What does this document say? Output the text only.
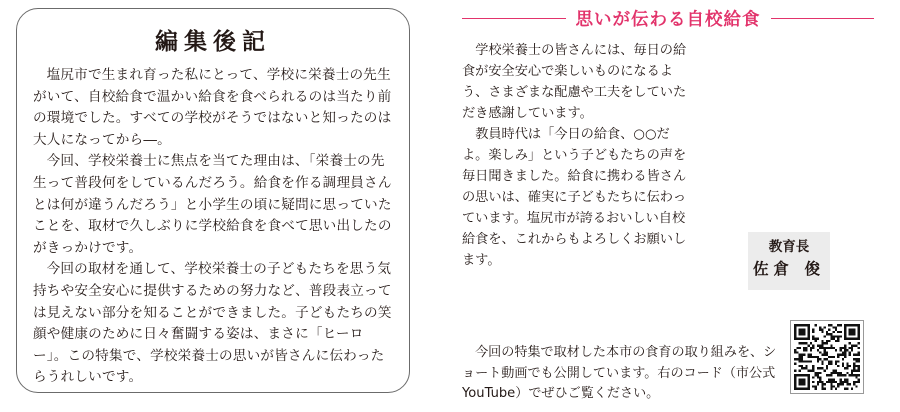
編集後記

塩尻市で生まれ育った私にとって、学校に栄養士の先生がいて、自校給食で温かい給食を食べられるのは当たり前の環境でした。すべての学校がそうではないと知ったのは大人になってから―。

今回、学校栄養士に焦点を当てた理由は、「栄養士の先生って普段何をしているんだろう。給食を作る調理員さんとは何が違うんだろう」と小学生の頃に疑問に思っていたことを、取材で久しぶりに学校給食を食べて思い出したのがきっかけです。

今回の取材を通して、学校栄養士の子どもたちを思う気持ちや安全安心に提供するための努力など、普段表立っては見えない部分を知ることができました。子どもたちの笑顔や健康のために日々奮闘する姿は、まさに「ヒーロー」。この特集で、学校栄養士の思いが皆さんに伝わったらうれしいです。

思いが伝わる自校給食

学校栄養士の皆さんには、毎日の給食が安全安心で楽しいものになるよう、さまざまな配慮や工夫をしていただき感謝しています。

教員時代は「今日の給食、○○だよ。楽しみ」という子どもたちの声を毎日聞きました。給食に携わる皆さんの思いは、確実に子どもたちに伝わっています。塩尻市が誇るおいしい自校給食を、これからもよろしくお願いします。

教育長
佐倉 俊
今回の特集で取材した本市の食育の取り組みを、ショート動画でも公開しています。右のコード（市公式YouTube）でぜひご覧ください。
